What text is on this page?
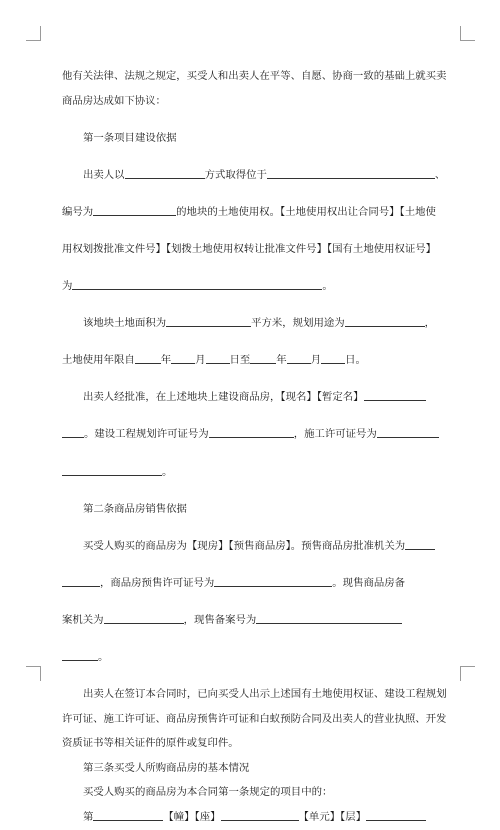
他有关法律、法规之规定，买受人和出卖人在平等、自愿、协商一致的基础上就买卖
商品房达成如下协议：
第一条项目建设依据
出卖人以	方式取得位于	、
编号为	的地块的土地使用权。【土地使用权出让合同号】【土地使
用权划拨批准文件号】【划拨土地使用权转让批准文件号】【国有土地使用权证号】
为	。
该地块土地面积为	平方米，规划用途为	，
土地使用年限自	年 月 日至	年 月 日。
出卖人经批准，在上述地块上建设商品房，【现名】【暂定名】
。建设工程规划许可证号为	，施工许可证号为
。
第二条商品房销售依据
买受人购买的商品房为【现房】【预售商品房】。预售商品房批准机关为
，商品房预售许可证号为	。现售商品房备
案机关为	，现售备案号为
。
出卖人在签订本合同时，已向买受人出示上述国有土地使用权证、建设工程规划
许可证、施工许可证、商品房预售许可证和白蚁预防合同及出卖人的营业执照、开发
资质证书等相关证件的原件或复印件。
第三条买受人所购商品房的基本情况
买受人购买的商品房为本合同第一条规定的项目中的：
第	【幢】【座】	【单元】【层】
